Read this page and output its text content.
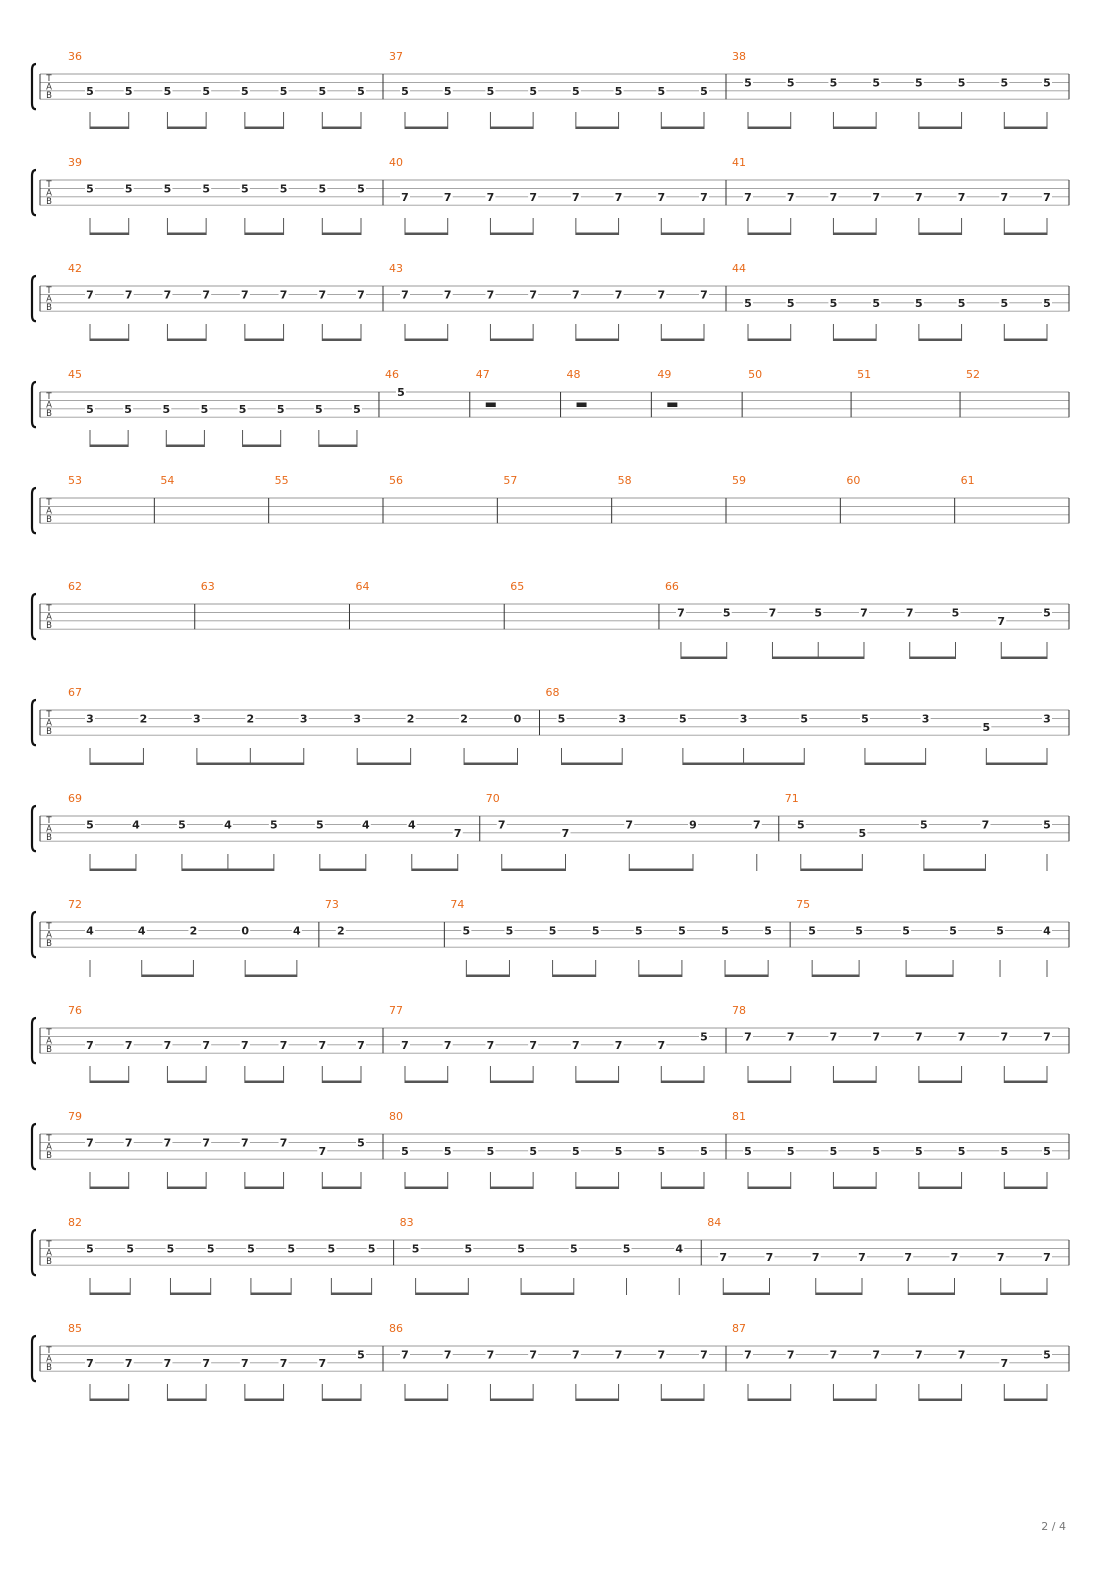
T
A
B
36
5	5	5	5	5	5	5	5
37
5	5	5	5	5	5	5	5
38
5	5	5	5	5	5	5	5
T
A
B
39
5	5	5	5	5	5	5	5
40
7	7	7	7	7	7	7	7
41
7	7	7	7	7	7	7	7
T
A
B
42
7	7	7	7	7	7	7	7
43
7	7	7	7	7	7	7	7
44
5	5	5	5	5	5	5	5
T
A
B
45
5	5	5	5	5	5	5	5
46
5
47	48	49	50	51	52
T
A
B
53	54	55	56	57	58	59	60	61
T
A
B
62	63	64	65	66
7	5	7	5	7	7	5
7
5
T
A
B
67
3	2	3	2	3	3	2	2	0
68
5	3	5	3	5	5	3
5
3
T
A
B
69
5	4	5	4	5	5	4	4
7
70
7
7
7	9	7
71
5
5
5	7	5
T
A
B
72
4	4	2	0	4
73
2
74
5	5	5	5	5	5	5	5
75
5	5	5	5	5	4
T
A
B
76
7	7	7	7	7	7	7	7
77
7	7	7	7	7	7	7
5
78
7	7	7	7	7	7	7	7
T
A
B
79
7	7	7	7	7	7
7
5
80
5	5	5	5	5	5	5	5
81
5	5	5	5	5	5	5	5
T
A
B
82
5	5	5	5	5	5	5	5
83
5	5	5	5	5	4
84
7	7	7	7	7	7	7	7
T
A
B
85
7	7	7	7	7	7	7
5
86
7	7	7	7	7	7	7	7
87
7	7	7	7	7	7
7
5
2 / 4
